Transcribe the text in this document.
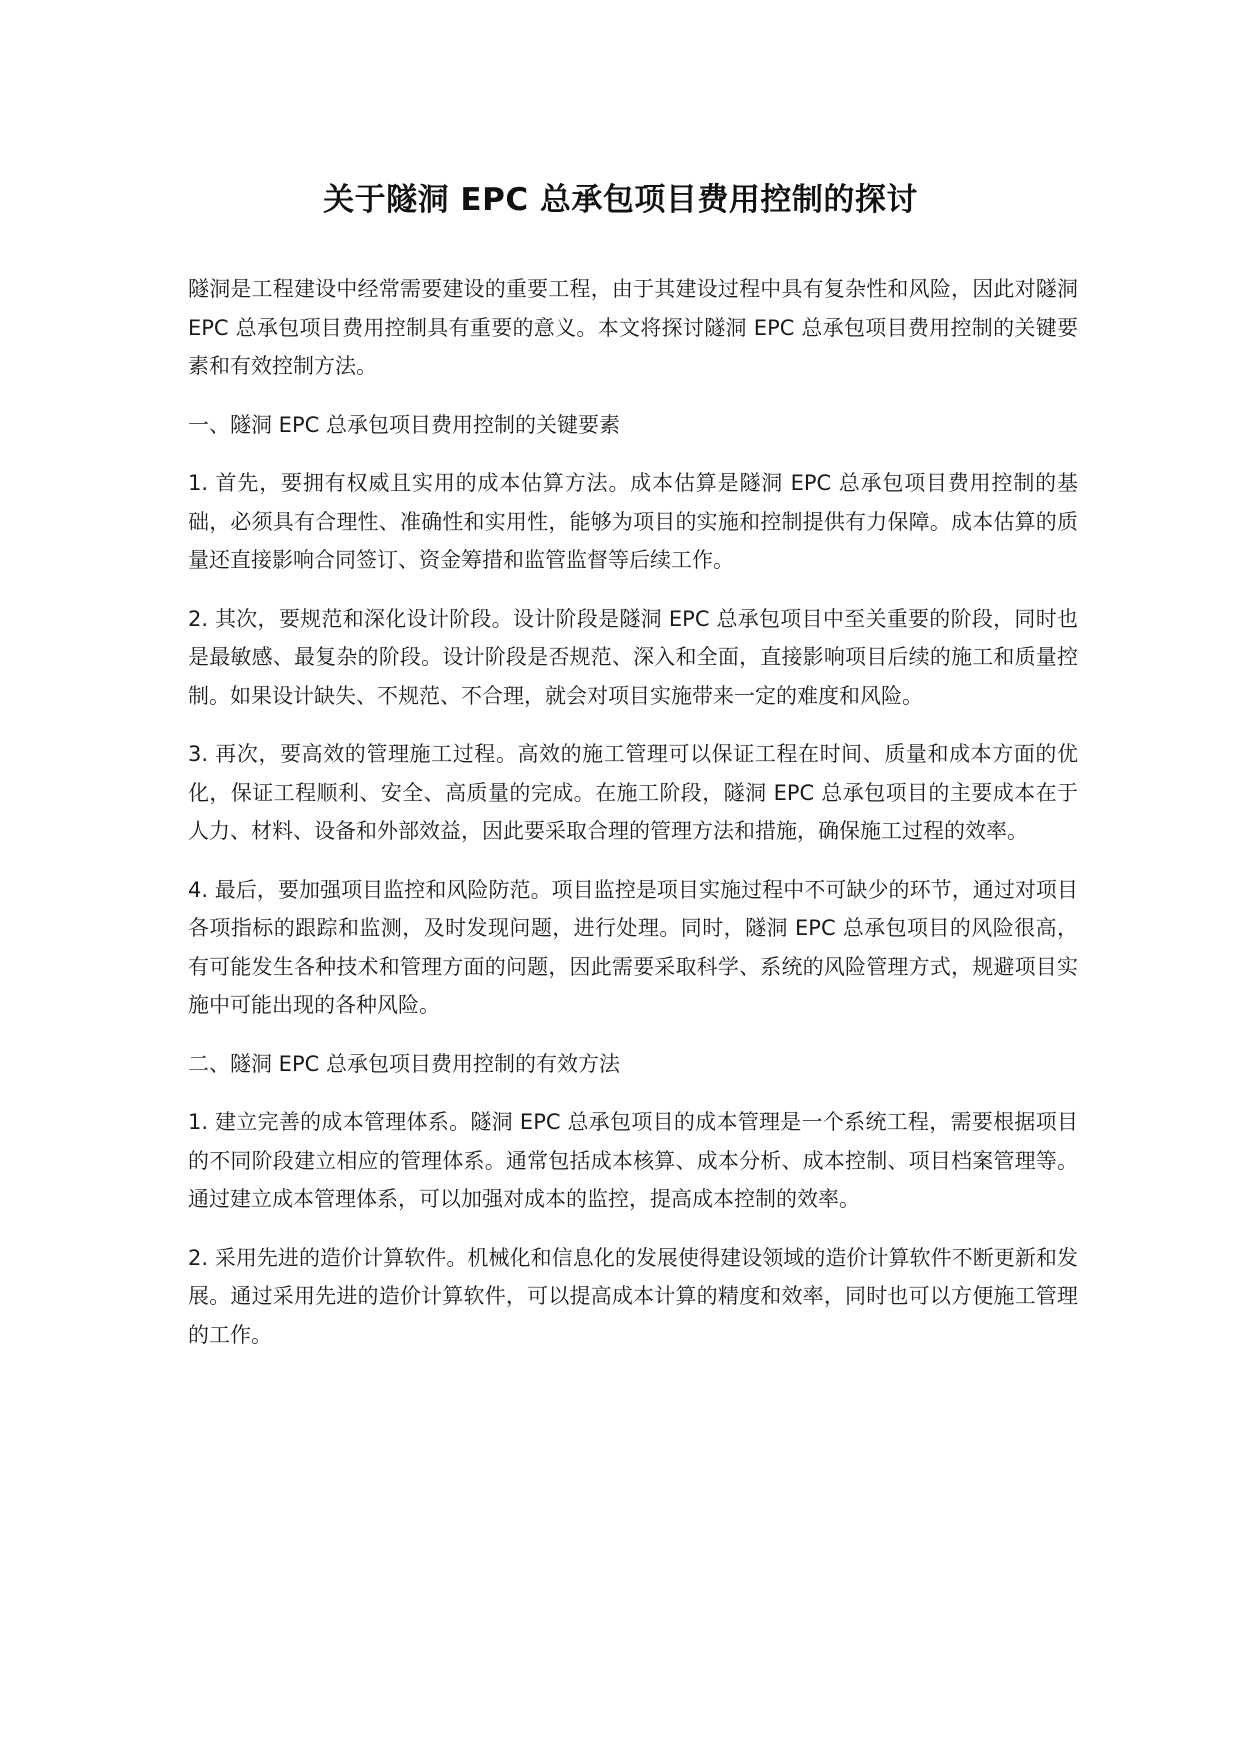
关于隧洞 EPC 总承包项目费用控制的探讨

隧洞是工程建设中经常需要建设的重要工程，由于其建设过程中具有复杂性和风险，因此对隧洞 EPC 总承包项目费用控制具有重要的意义。本文将探讨隧洞 EPC 总承包项目费用控制的关键要素和有效控制方法。

一、隧洞 EPC 总承包项目费用控制的关键要素

1. 首先，要拥有权威且实用的成本估算方法。成本估算是隧洞 EPC 总承包项目费用控制的基础，必须具有合理性、准确性和实用性，能够为项目的实施和控制提供有力保障。成本估算的质量还直接影响合同签订、资金筹措和监管监督等后续工作。

2. 其次，要规范和深化设计阶段。设计阶段是隧洞 EPC 总承包项目中至关重要的阶段，同时也是最敏感、最复杂的阶段。设计阶段是否规范、深入和全面，直接影响项目后续的施工和质量控制。如果设计缺失、不规范、不合理，就会对项目实施带来一定的难度和风险。

3. 再次，要高效的管理施工过程。高效的施工管理可以保证工程在时间、质量和成本方面的优化，保证工程顺利、安全、高质量的完成。在施工阶段，隧洞 EPC 总承包项目的主要成本在于人力、材料、设备和外部效益，因此要采取合理的管理方法和措施，确保施工过程的效率。

4. 最后，要加强项目监控和风险防范。项目监控是项目实施过程中不可缺少的环节，通过对项目各项指标的跟踪和监测，及时发现问题，进行处理。同时，隧洞 EPC 总承包项目的风险很高，有可能发生各种技术和管理方面的问题，因此需要采取科学、系统的风险管理方式，规避项目实施中可能出现的各种风险。

二、隧洞 EPC 总承包项目费用控制的有效方法

1. 建立完善的成本管理体系。隧洞 EPC 总承包项目的成本管理是一个系统工程，需要根据项目的不同阶段建立相应的管理体系。通常包括成本核算、成本分析、成本控制、项目档案管理等。通过建立成本管理体系，可以加强对成本的监控，提高成本控制的效率。

2. 采用先进的造价计算软件。机械化和信息化的发展使得建设领域的造价计算软件不断更新和发展。通过采用先进的造价计算软件，可以提高成本计算的精度和效率，同时也可以方便施工管理的工作。
